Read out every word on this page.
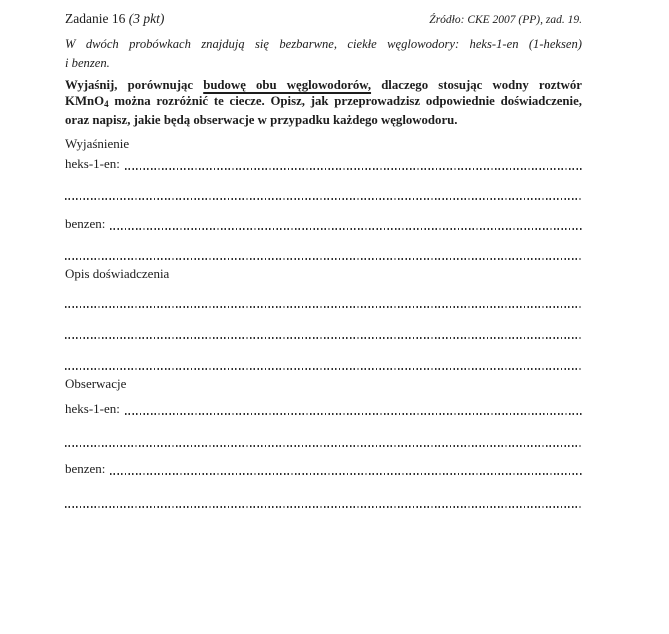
Zadanie 16 (3 pkt)	Źródło: CKE 2007 (PP), zad. 19.
W dwóch probówkach znajdują się bezbarwne, ciekłe węglowodory: heks-1-en (1-heksen)
i benzen.
Wyjaśnij, porównując budowę obu węglowodorów, dlaczego stosując wodny roztwór
KMnO4 można rozróżnić te ciecze. Opisz, jak przeprowadzisz odpowiednie doświadczenie,
oraz napisz, jakie będą obserwacje w przypadku każdego węglowodoru.
Wyjaśnienie
heks-1-en:
benzen:
Opis doświadczenia
Obserwacje
heks-1-en:
benzen:
